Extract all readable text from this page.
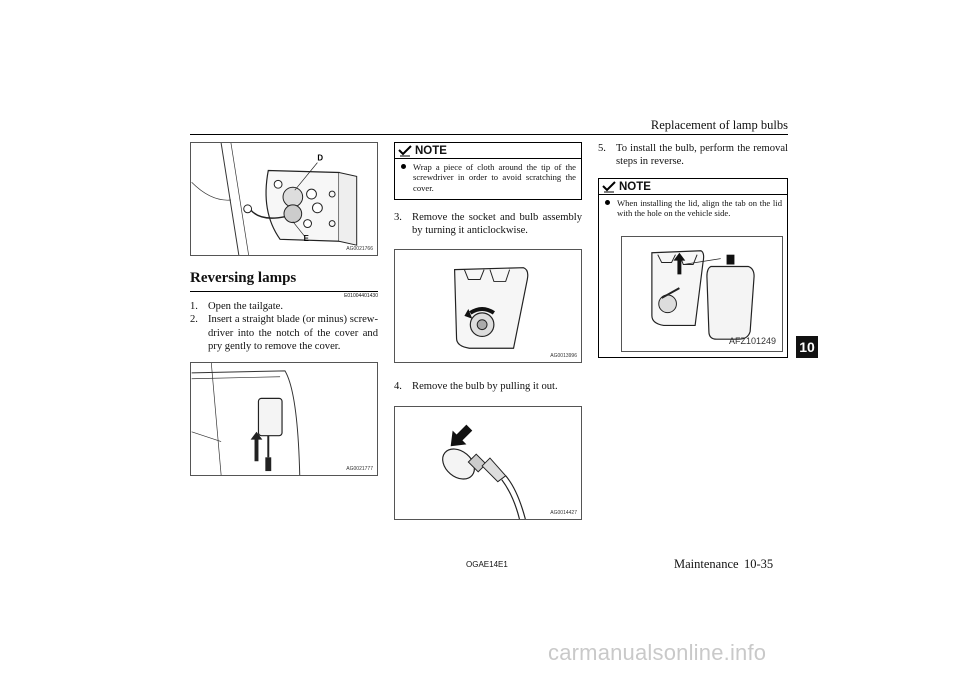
Replacement of lamp bulbs
D
E
AG0021766
Reversing lamps
E01004401430

1. Open the tailgate.

2. Insert a straight blade (or minus) screw-driver into the notch of the cover and pry gently to remove the cover.

AG0021777
NOTE
Wrap a piece of cloth around the tip of the screwdriver in order to avoid scratching the cover.

3. Remove the socket and bulb assembly by turning it anticlockwise.

AG0013996

4. Remove the bulb by pulling it out.

AG0014427

5. To install the bulb, perform the removal steps in reverse.

NOTE
When installing the lid, align the tab on the lid with the hole on the vehicle side.
AFZ101249 10
OGAE14E1	Maintenance 10-35
carmanualsonline.info
